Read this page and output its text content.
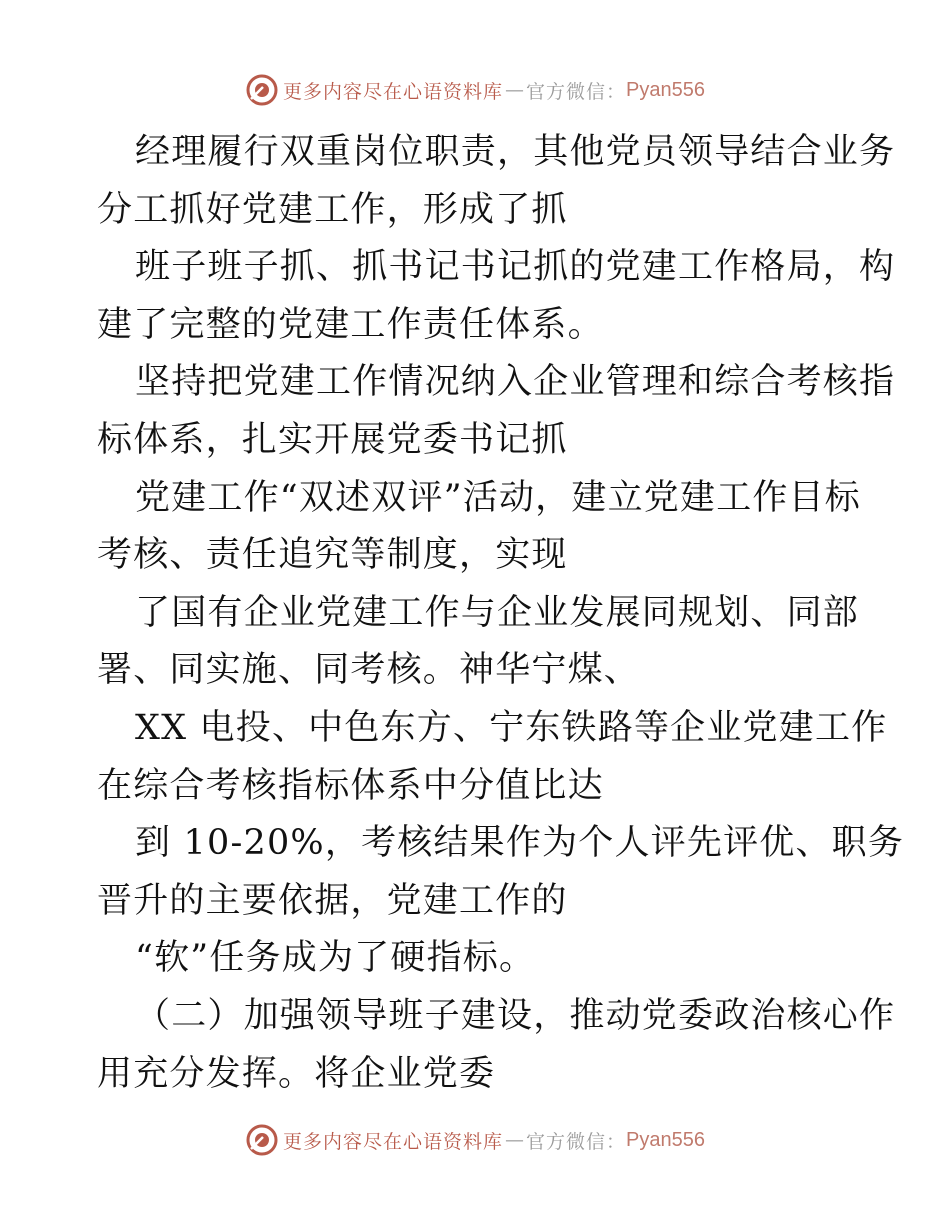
更多内容尽在心语资料库 — 官方微信： Pyan556
经理履行双重岗位职责，其他党员领导结合业务
分工抓好党建工作，形成了抓
班子班子抓、抓书记书记抓的党建工作格局，构
建了完整的党建工作责任体系。
坚持把党建工作情况纳入企业管理和综合考核指
标体系，扎实开展党委书记抓
党建工作“双述双评”活动，建立党建工作目标
考核、责任追究等制度，实现
了国有企业党建工作与企业发展同规划、同部
署、同实施、同考核。神华宁煤、
XX 电投、中色东方、宁东铁路等企业党建工作
在综合考核指标体系中分值比达
到 10-20%，考核结果作为个人评先评优、职务
晋升的主要依据，党建工作的
“软”任务成为了硬指标。
（二）加强领导班子建设，推动党委政治核心作
用充分发挥。将企业党委
更多内容尽在心语资料库 — 官方微信： Pyan556
